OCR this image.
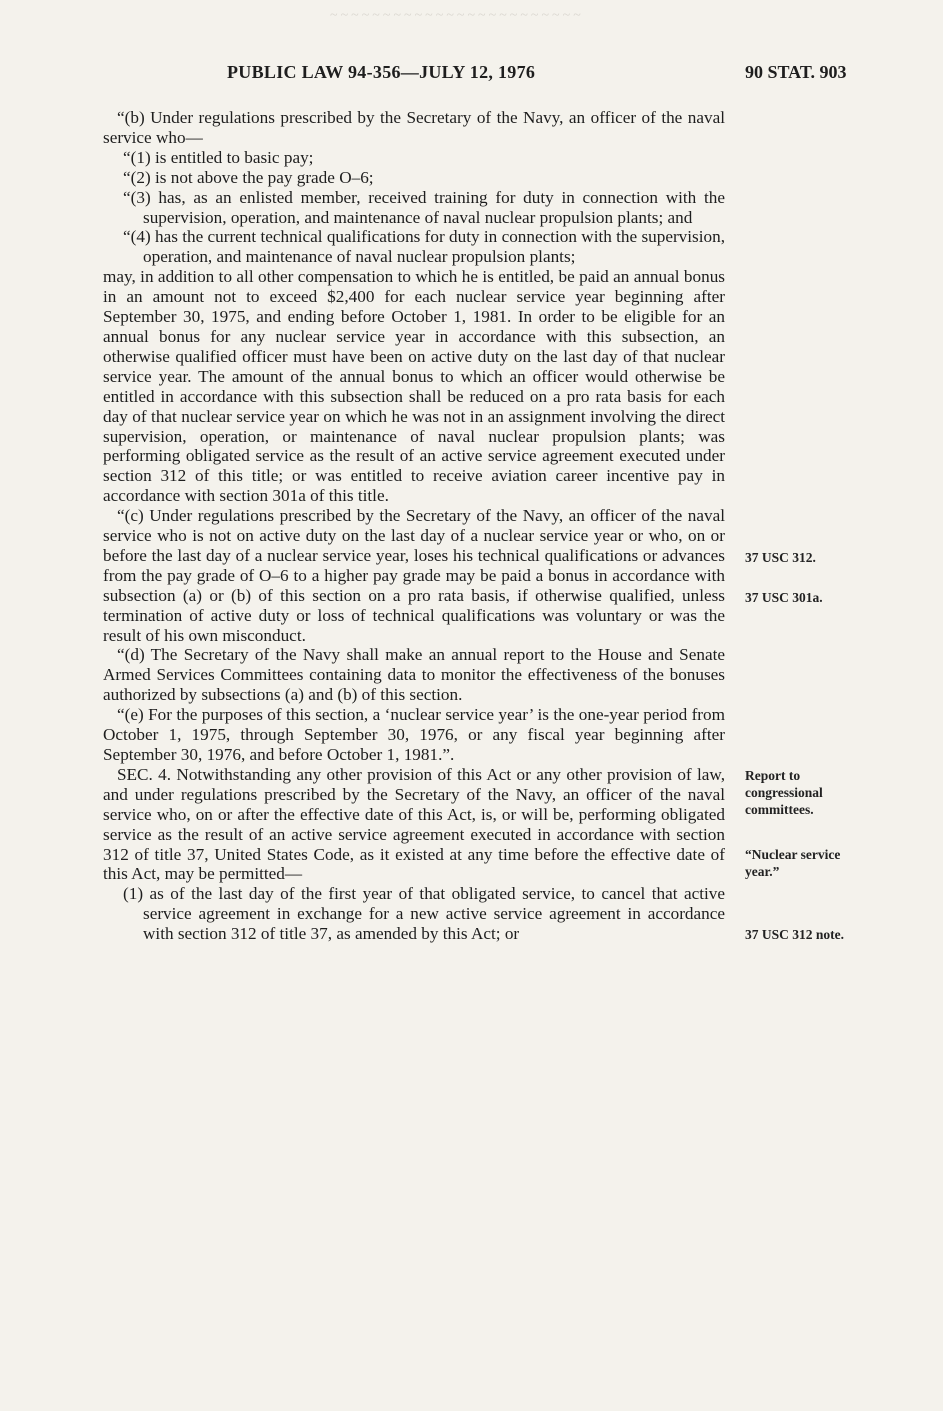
~~~~~~~~~~~~~~~~~~~~~~~~
PUBLIC LAW 94-356—JULY 12, 1976	90 STAT. 903

“(b) Under regulations prescribed by the Secretary of the Navy, an officer of the naval service who—

“(1) is entitled to basic pay;

“(2) is not above the pay grade O–6;

“(3) has, as an enlisted member, received training for duty in connection with the supervision, operation, and maintenance of naval nuclear propulsion plants; and

“(4) has the current technical qualifications for duty in connection with the supervision, operation, and maintenance of naval nuclear propulsion plants;

may, in addition to all other compensation to which he is entitled, be paid an annual bonus in an amount not to exceed $2,400 for each nuclear service year beginning after September 30, 1975, and ending before October 1, 1981. In order to be eligible for an annual bonus for any nuclear service year in accordance with this subsection, an otherwise qualified officer must have been on active duty on the last day of that nuclear service year. The amount of the annual bonus to which an officer would otherwise be entitled in accordance with this subsection shall be reduced on a pro rata basis for each day of that nuclear service year on which he was not in an assignment involving the direct supervision, operation, or maintenance of naval nuclear propulsion plants; was performing obligated service as the result of an active service agreement executed under section 312 of this title; or was entitled to receive aviation career incentive pay in accordance with section 301a of this title.

“(c) Under regulations prescribed by the Secretary of the Navy, an officer of the naval service who is not on active duty on the last day of a nuclear service year or who, on or before the last day of a nuclear service year, loses his technical qualifications or advances from the pay grade of O–6 to a higher pay grade may be paid a bonus in accordance with subsection (a) or (b) of this section on a pro rata basis, if otherwise qualified, unless termination of active duty or loss of technical qualifications was voluntary or was the result of his own misconduct.

“(d) The Secretary of the Navy shall make an annual report to the House and Senate Armed Services Committees containing data to monitor the effectiveness of the bonuses authorized by subsections (a) and (b) of this section.

“(e) For the purposes of this section, a ‘nuclear service year’ is the one-year period from October 1, 1975, through September 30, 1976, or any fiscal year beginning after September 30, 1976, and before October 1, 1981.”.

SEC. 4. Notwithstanding any other provision of this Act or any other provision of law, and under regulations prescribed by the Secretary of the Navy, an officer of the naval service who, on or after the effective date of this Act, is, or will be, performing obligated service as the result of an active service agreement executed in accordance with section 312 of title 37, United States Code, as it existed at any time before the effective date of this Act, may be permitted—

(1) as of the last day of the first year of that obligated service, to cancel that active service agreement in exchange for a new active service agreement in accordance with section 312 of title 37, as amended by this Act; or

37 USC 312.
37 USC 301a.
Report to
congressional
committees.
“Nuclear service
year.”
37 USC 312 note.
